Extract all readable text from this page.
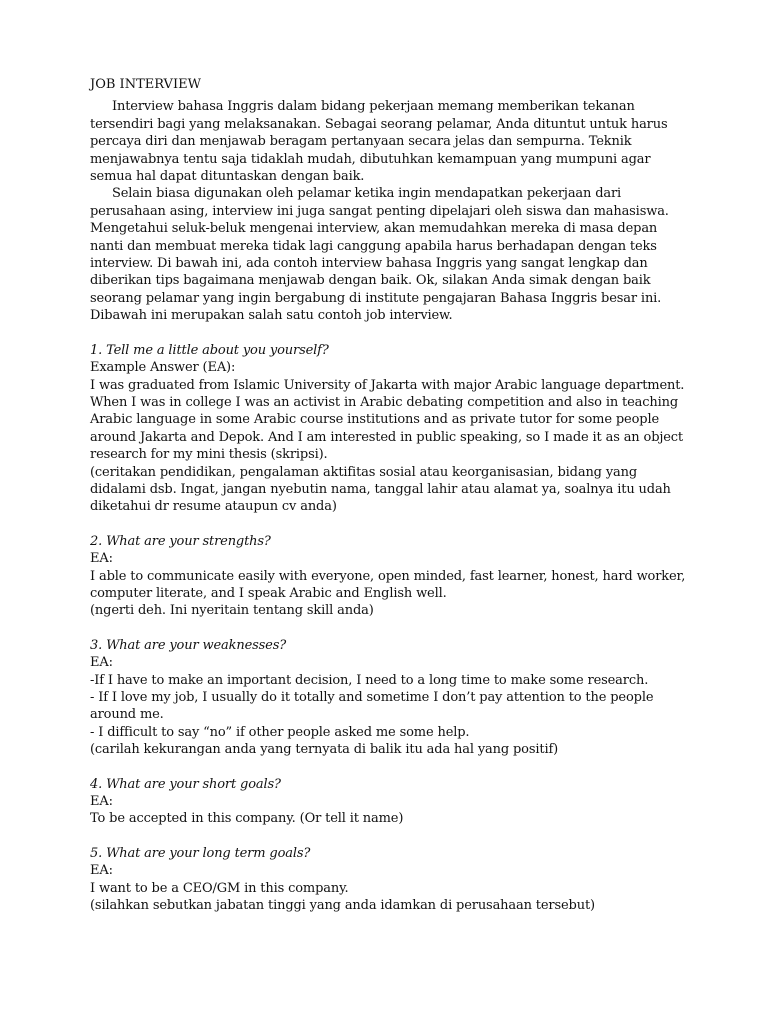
JOB INTERVIEW

Interview bahasa Inggris dalam bidang pekerjaan memang memberikan tekanan tersendiri bagi yang melaksanakan. Sebagai seorang pelamar, Anda dituntut untuk harus percaya diri dan menjawab beragam pertanyaan secara jelas dan sempurna. Teknik menjawabnya tentu saja tidaklah mudah, dibutuhkan kemampuan yang mumpuni agar semua hal dapat dituntaskan dengan baik.

Selain biasa digunakan oleh pelamar ketika ingin mendapatkan pekerjaan dari perusahaan asing, interview ini juga sangat penting dipelajari oleh siswa dan mahasiswa. Mengetahui seluk-beluk mengenai interview, akan memudahkan mereka di masa depan nanti dan membuat mereka tidak lagi canggung apabila harus berhadapan dengan teks interview. Di bawah ini, ada contoh interview bahasa Inggris yang sangat lengkap dan diberikan tips bagaimana menjawab dengan baik. Ok, silakan Anda simak dengan baik seorang pelamar yang ingin bergabung di institute pengajaran Bahasa Inggris besar ini. Dibawah ini merupakan salah satu contoh job interview.

1. Tell me a little about you yourself?

Example Answer (EA):

I was graduated from Islamic University of Jakarta with major Arabic language department. When I was in college I was an activist in Arabic debating competition and also in teaching Arabic language in some Arabic course institutions and as private tutor for some people around Jakarta and Depok. And I am interested in public speaking, so I made it as an object research for my mini thesis (skripsi).

(ceritakan pendidikan, pengalaman aktifitas sosial atau keorganisasian, bidang yang didalami dsb. Ingat, jangan nyebutin nama, tanggal lahir atau alamat ya, soalnya itu udah diketahui dr resume ataupun cv anda)

2. What are your strengths?

EA:

I able to communicate easily with everyone, open minded, fast learner, honest, hard worker, computer literate, and I speak Arabic and English well.

(ngerti deh. Ini nyeritain tentang skill anda)

3. What are your weaknesses?

EA:

-If I have to make an important decision, I need to a long time to make some research.

- If I love my job, I usually do it totally and sometime I don’t pay attention to the people around me.

- I difficult to say “no” if other people asked me some help.

(carilah kekurangan anda yang ternyata di balik itu ada hal yang positif)

4. What are your short goals?

EA:

To be accepted in this company. (Or tell it name)

5. What are your long term goals?

EA:

I want to be a CEO/GM in this company.

(silahkan sebutkan jabatan tinggi yang anda idamkan di perusahaan tersebut)
